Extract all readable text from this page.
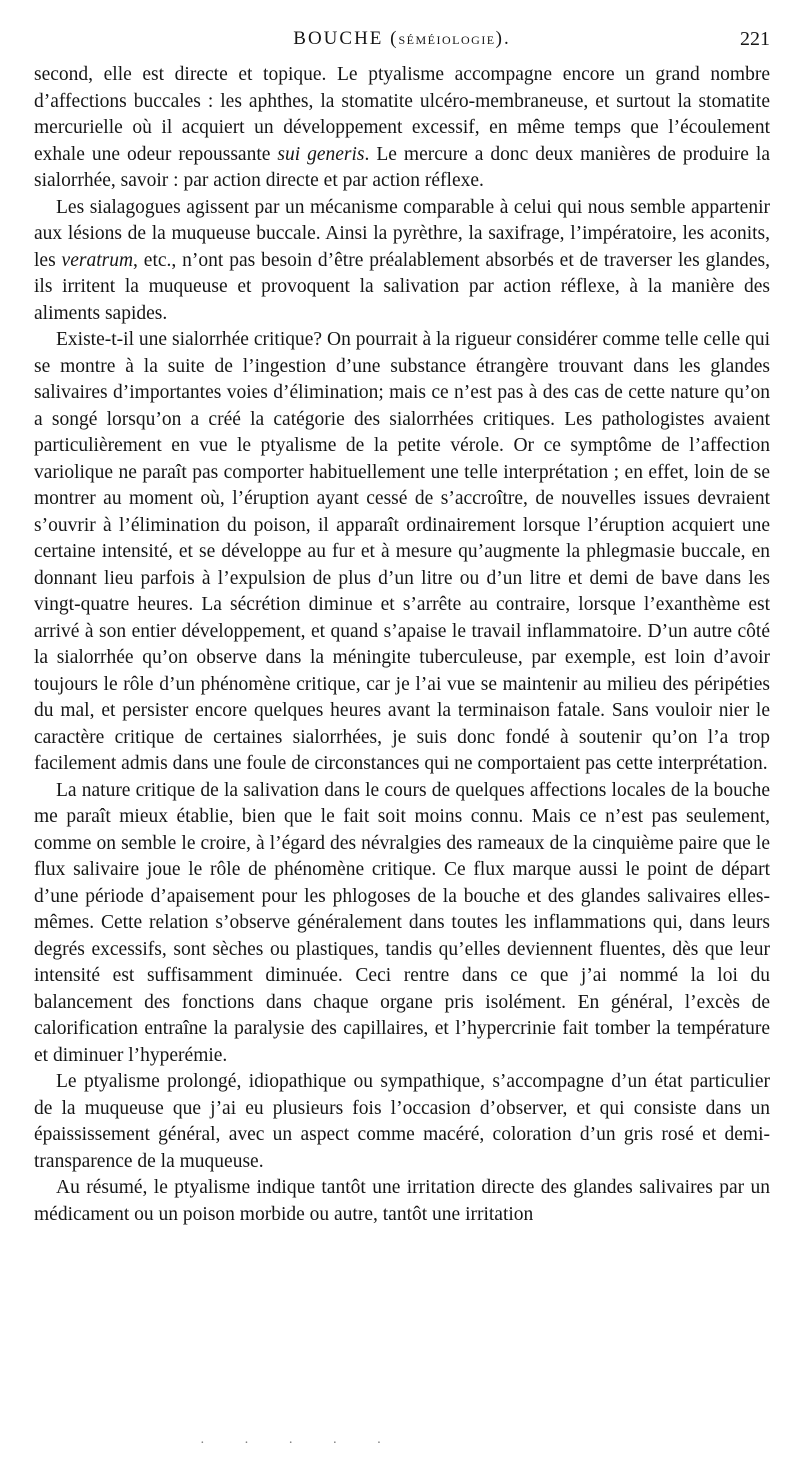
BOUCHE (SÉMÉIOLOGIE).	221

second, elle est directe et topique. Le ptyalisme accompagne encore un grand nombre d’affections buccales : les aphthes, la stomatite ulcéro-membraneuse, et surtout la stomatite mercurielle où il acquiert un développement excessif, en même temps que l’écoulement exhale une odeur repoussante sui generis. Le mercure a donc deux manières de produire la sialorrhée, savoir : par action directe et par action réflexe.

Les sialagogues agissent par un mécanisme comparable à celui qui nous semble appartenir aux lésions de la muqueuse buccale. Ainsi la pyrèthre, la saxifrage, l’impératoire, les aconits, les veratrum, etc., n’ont pas besoin d’être préalablement absorbés et de traverser les glandes, ils irritent la muqueuse et provoquent la salivation par action réflexe, à la manière des aliments sapides.

Existe-t-il une sialorrhée critique? On pourrait à la rigueur considérer comme telle celle qui se montre à la suite de l’ingestion d’une substance étrangère trouvant dans les glandes salivaires d’importantes voies d’élimination; mais ce n’est pas à des cas de cette nature qu’on a songé lorsqu’on a créé la catégorie des sialorrhées critiques. Les pathologistes avaient particulièrement en vue le ptyalisme de la petite vérole. Or ce symptôme de l’affection variolique ne paraît pas comporter habituellement une telle interprétation ; en effet, loin de se montrer au moment où, l’éruption ayant cessé de s’accroître, de nouvelles issues devraient s’ouvrir à l’élimination du poison, il apparaît ordinairement lorsque l’éruption acquiert une certaine intensité, et se développe au fur et à mesure qu’augmente la phlegmasie buccale, en donnant lieu parfois à l’expulsion de plus d’un litre ou d’un litre et demi de bave dans les vingt-quatre heures. La sécrétion diminue et s’arrête au contraire, lorsque l’exanthème est arrivé à son entier développement, et quand s’apaise le travail inflammatoire. D’un autre côté la sialorrhée qu’on observe dans la méningite tuberculeuse, par exemple, est loin d’avoir toujours le rôle d’un phénomène critique, car je l’ai vue se maintenir au milieu des péripéties du mal, et persister encore quelques heures avant la terminaison fatale. Sans vouloir nier le caractère critique de certaines sialorrhées, je suis donc fondé à soutenir qu’on l’a trop facilement admis dans une foule de circonstances qui ne comportaient pas cette interprétation.

La nature critique de la salivation dans le cours de quelques affections locales de la bouche me paraît mieux établie, bien que le fait soit moins connu. Mais ce n’est pas seulement, comme on semble le croire, à l’égard des névralgies des rameaux de la cinquième paire que le flux salivaire joue le rôle de phénomène critique. Ce flux marque aussi le point de départ d’une période d’apaisement pour les phlogoses de la bouche et des glandes salivaires elles-mêmes. Cette relation s’observe généralement dans toutes les inflammations qui, dans leurs degrés excessifs, sont sèches ou plastiques, tandis qu’elles deviennent fluentes, dès que leur intensité est suffisamment diminuée. Ceci rentre dans ce que j’ai nommé la loi du balancement des fonctions dans chaque organe pris isolément. En général, l’excès de calorification entraîne la paralysie des capillaires, et l’hypercrinie fait tomber la température et diminuer l’hyperémie.

Le ptyalisme prolongé, idiopathique ou sympathique, s’accompagne d’un état particulier de la muqueuse que j’ai eu plusieurs fois l’occasion d’observer, et qui consiste dans un épaississement général, avec un aspect comme macéré, coloration d’un gris rosé et demi-transparence de la muqueuse.

Au résumé, le ptyalisme indique tantôt une irritation directe des glandes salivaires par un médicament ou un poison morbide ou autre, tantôt une irritation

· · · · ·
